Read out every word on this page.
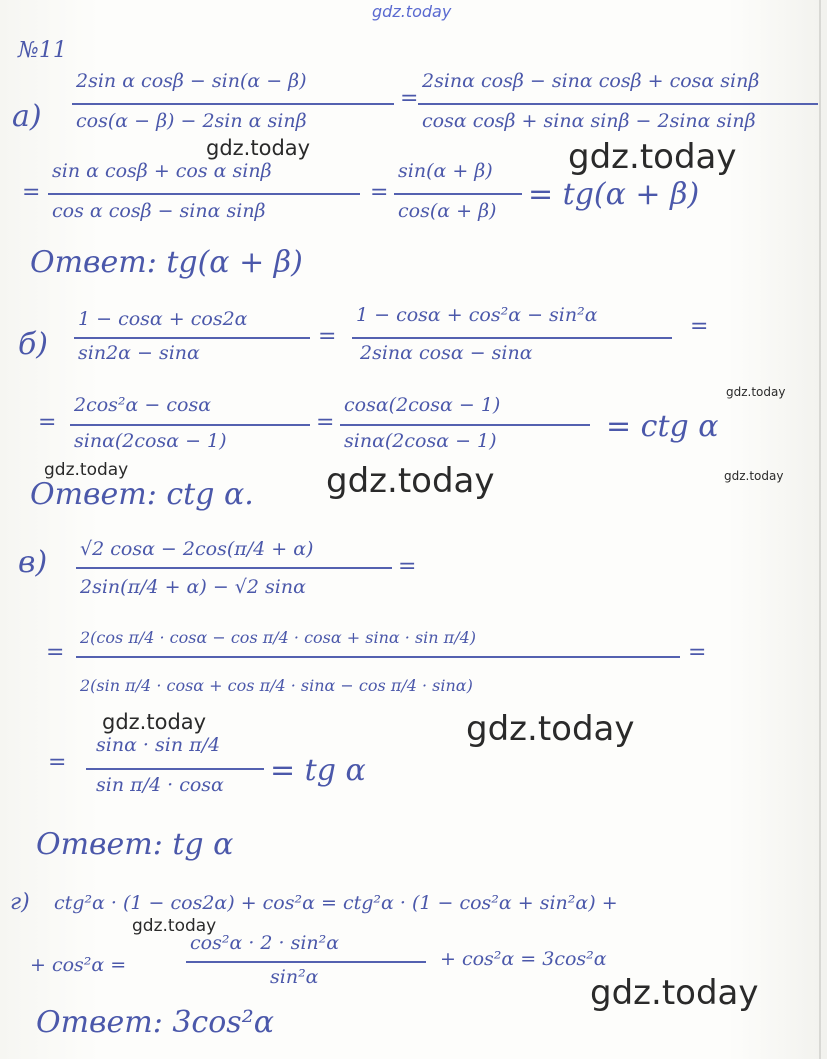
gdz.today
№11
а)
2sin α cosβ − sin(α − β)
cos(α − β) − 2sin α sinβ
=
2sinα cosβ − sinα cosβ + cosα sinβ
cosα cosβ + sinα sinβ − 2sinα sinβ
=
sin α cosβ + cos α sinβ
cos α cosβ − sinα sinβ
=
sin(α + β)
cos(α + β) = tg(α + β)
Ответ: tg(α + β)
б)
1 − cosα + cos2α
sin2α − sinα
=
1 − cosα + cos²α − sin²α
2sinα cosα − sinα
=
=
2cos²α − cosα
sinα(2cosα − 1)
=
cosα(2cosα − 1)
sinα(2cosα − 1)	= ctg α
Ответ: ctg α.
в) √2 cosα − 2cos(π/4 + α)
2sin(π/4 + α) − √2 sinα
=
=
2(cos π/4 · cosα − cos π/4 · cosα + sinα · sin π/4)
2(sin π/4 · cosα + cos π/4 · sinα − cos π/4 · sinα)
=
=
sinα · sin π/4
sin π/4 · cosα = tg α
Ответ: tg α
г) ctg²α · (1 − cos2α) + cos²α = ctg²α · (1 − cos²α + sin²α) +
+ cos²α =
cos²α · 2 · sin²α
sin²α
+ cos²α = 3cos²α
Ответ: 3cos²α
gdz.today	gdz.today
gdz.today
gdz.today	gdz.today	gdz.today
gdz.today	gdz.today
gdz.today
gdz.today
